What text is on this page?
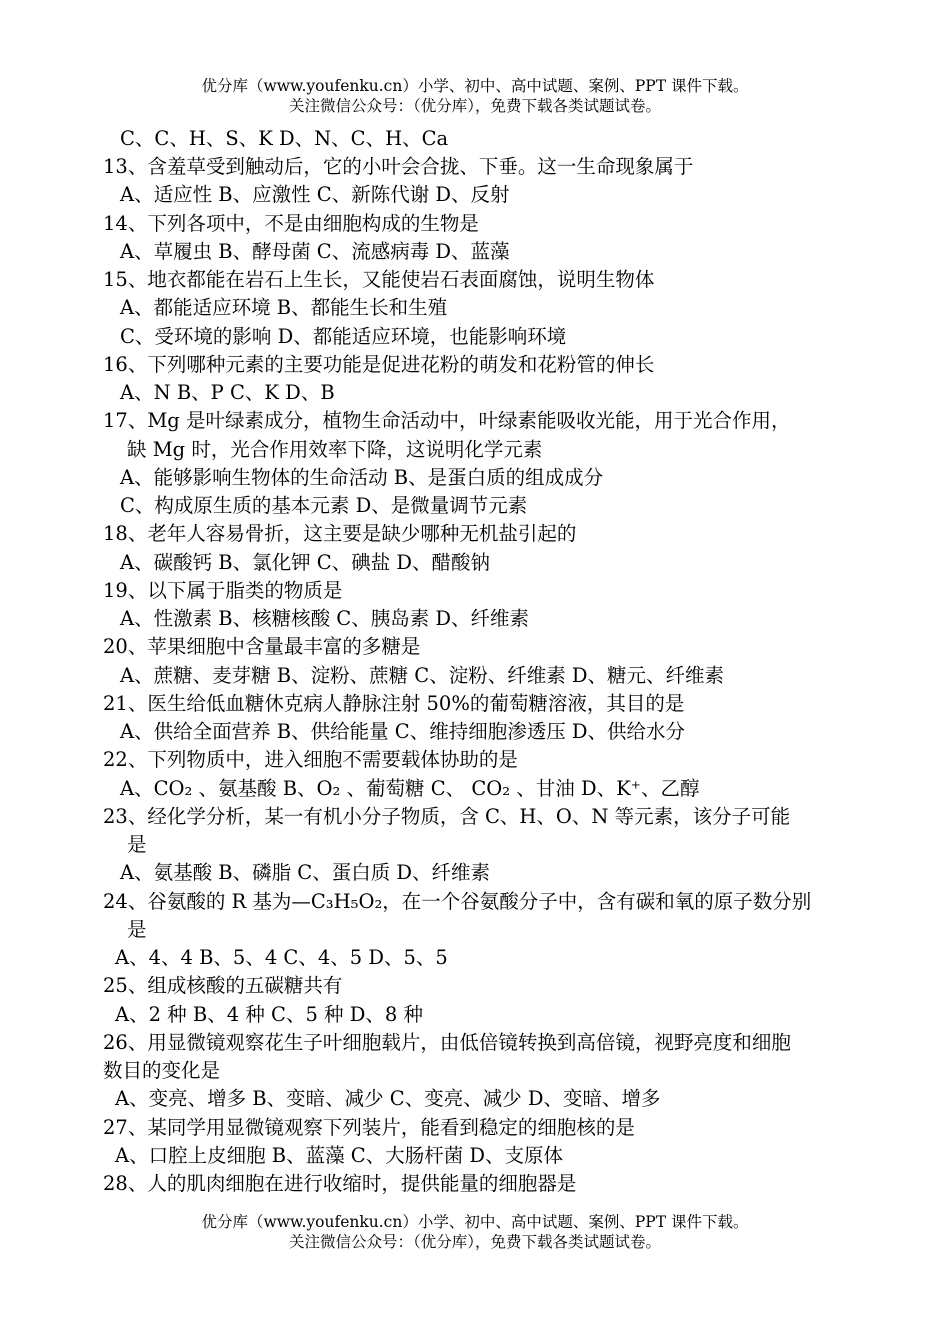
优分库（www.youfenku.cn）小学、初中、高中试题、案例、PPT 课件下载。
关注微信公众号：（优分库），免费下载各类试题试卷。
C、C、H、S、K D、N、C、H、Ca
13、含羞草受到触动后，它的小叶会合拢、下垂。这一生命现象属于
A、适应性 B、应激性 C、新陈代谢 D、反射
14、下列各项中，不是由细胞构成的生物是
A、草履虫 B、酵母菌 C、流感病毒 D、蓝藻
15、地衣都能在岩石上生长，又能使岩石表面腐蚀，说明生物体
A、都能适应环境 B、都能生长和生殖
C、受环境的影响 D、都能适应环境，也能影响环境
16、下列哪种元素的主要功能是促进花粉的萌发和花粉管的伸长
A、N B、P C、K D、B
17、Mg 是叶绿素成分，植物生命活动中，叶绿素能吸收光能，用于光合作用，
缺 Mg 时，光合作用效率下降，这说明化学元素
A、能够影响生物体的生命活动 B、是蛋白质的组成成分
C、构成原生质的基本元素 D、是微量调节元素
18、老年人容易骨折，这主要是缺少哪种无机盐引起的
A、碳酸钙 B、氯化钾 C、碘盐 D、醋酸钠
19、以下属于脂类的物质是
A、性激素 B、核糖核酸 C、胰岛素 D、纤维素
20、苹果细胞中含量最丰富的多糖是
A、蔗糖、麦芽糖 B、淀粉、蔗糖 C、淀粉、纤维素 D、糖元、纤维素
21、医生给低血糖休克病人静脉注射 50%的葡萄糖溶液，其目的是
A、供给全面营养 B、供给能量 C、维持细胞渗透压 D、供给水分
22、下列物质中，进入细胞不需要载体协助的是
A、CO₂ 、氨基酸 B、O₂ 、葡萄糖 C、 CO₂ 、甘油 D、K⁺、乙醇
23、经化学分析，某一有机小分子物质，含 C、H、O、N 等元素，该分子可能
是
A、氨基酸 B、磷脂 C、蛋白质 D、纤维素
24、谷氨酸的 R 基为—C₃H₅O₂，在一个谷氨酸分子中，含有碳和氧的原子数分别
是
A、4、4 B、5、4 C、4、5 D、5、5
25、组成核酸的五碳糖共有
A、2 种 B、4 种 C、5 种 D、8 种
26、用显微镜观察花生子叶细胞载片，由低倍镜转换到高倍镜，视野亮度和细胞
数目的变化是
A、变亮、增多 B、变暗、减少 C、变亮、减少 D、变暗、增多
27、某同学用显微镜观察下列装片，能看到稳定的细胞核的是
A、口腔上皮细胞 B、蓝藻 C、大肠杆菌 D、支原体
28、人的肌肉细胞在进行收缩时，提供能量的细胞器是
优分库（www.youfenku.cn）小学、初中、高中试题、案例、PPT 课件下载。
关注微信公众号：（优分库），免费下载各类试题试卷。
